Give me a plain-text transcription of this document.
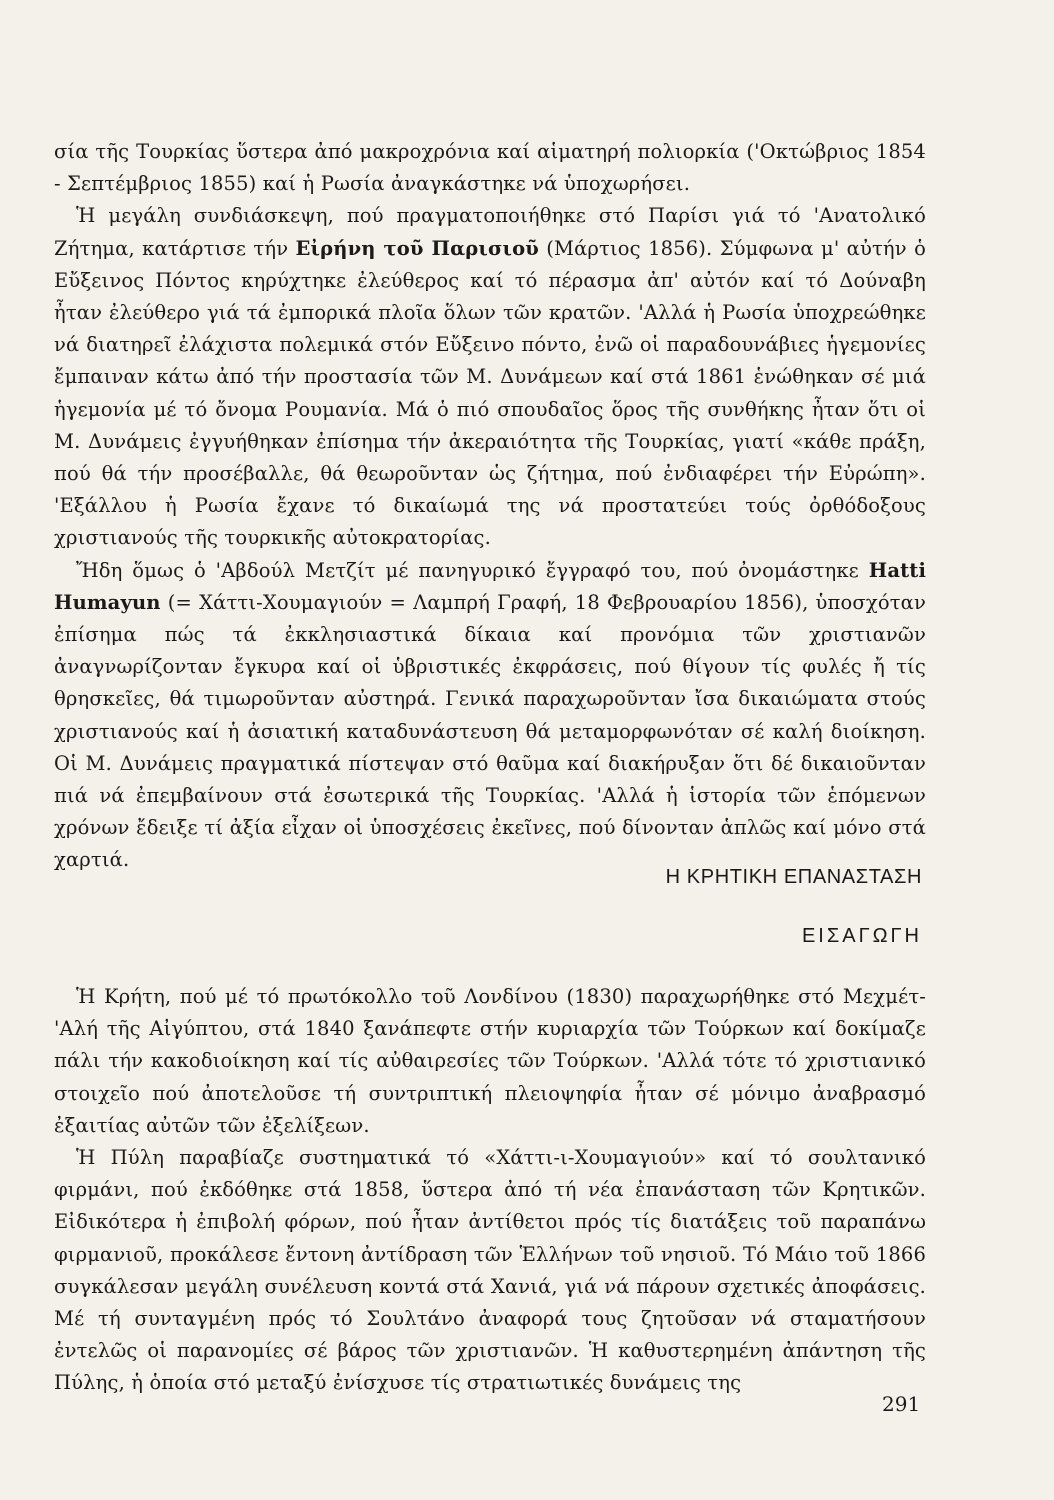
σία τῆς Τουρκίας ὕστερα ἀπό μακροχρόνια καί αἱματηρή πολιορκία ('Οκτώβριος 1854 - Σεπτέμβριος 1855) καί ἡ Ρωσία ἀναγκάστηκε νά ὑποχωρήσει.

Ἡ μεγάλη συνδιάσκεψη, πού πραγματοποιήθηκε στό Παρίσι γιά τό 'Ανατολικό Ζήτημα, κατάρτισε τήν Εἰρήνη τοῦ Παρισιοῦ (Μάρτιος 1856). Σύμφωνα μ' αὐτήν ὁ Εὔξεινος Πόντος κηρύχτηκε ἐλεύθερος καί τό πέρασμα ἀπ' αὐτόν καί τό Δούναβη ἦταν ἐλεύθερο γιά τά ἐμπορικά πλοῖα ὅλων τῶν κρατῶν. 'Αλλά ἡ Ρωσία ὑποχρεώθηκε νά διατηρεῖ ἐλάχιστα πολεμικά στόν Εὔξεινο πόντο, ἐνῶ οἱ παραδουνάβιες ἡγεμονίες ἔμπαιναν κάτω ἀπό τήν προστασία τῶν Μ. Δυνάμεων καί στά 1861 ἑνώθηκαν σέ μιά ἡγεμονία μέ τό ὄνομα Ρουμανία. Μά ὁ πιό σπουδαῖος ὅρος τῆς συνθήκης ἦταν ὅτι οἱ Μ. Δυνάμεις ἐγγυήθηκαν ἐπίσημα τήν ἀκεραιότητα τῆς Τουρκίας, γιατί «κάθε πράξη, πού θά τήν προσέβαλλε, θά θεωροῦνταν ὡς ζήτημα, πού ἐνδιαφέρει τήν Εὐρώπη». 'Εξάλλου ἡ Ρωσία ἔχανε τό δικαίωμά της νά προστατεύει τούς ὀρθόδοξους χριστιανούς τῆς τουρκικῆς αὐτοκρατορίας.

Ἤδη ὅμως ὁ 'Αβδούλ Μετζίτ μέ πανηγυρικό ἔγγραφό του, πού ὀνομάστηκε Hatti Humayun (= Χάττι-Χουμαγιούν = Λαμπρή Γραφή, 18 Φεβρουαρίου 1856), ὑποσχόταν ἐπίσημα πώς τά ἐκκλησιαστικά δίκαια καί προνόμια τῶν χριστιανῶν ἀναγνωρίζονταν ἔγκυρα καί οἱ ὑβριστικές ἐκφράσεις, πού θίγουν τίς φυλές ἤ τίς θρησκεῖες, θά τιμωροῦνταν αὐστηρά. Γενικά παραχωροῦνταν ἴσα δικαιώματα στούς χριστιανούς καί ἡ ἀσιατική καταδυνάστευση θά μεταμορφωνόταν σέ καλή διοίκηση. Οἱ Μ. Δυνάμεις πραγματικά πίστεψαν στό θαῦμα καί διακήρυξαν ὅτι δέ δικαιοῦνταν πιά νά ἐπεμβαίνουν στά ἐσωτερικά τῆς Τουρκίας. 'Αλλά ἡ ἱστορία τῶν ἑπόμενων χρόνων ἔδειξε τί ἀξία εἶχαν οἱ ὑποσχέσεις ἐκεῖνες, πού δίνονταν ἁπλῶς καί μόνο στά χαρτιά.

Η ΚΡΗΤΙΚΗ ΕΠΑΝΑΣΤΑΣΗ
ΕΙΣΑΓΩΓΗ

Ἡ Κρήτη, πού μέ τό πρωτόκολλο τοῦ Λονδίνου (1830) παραχωρήθηκε στό Μεχμέτ-'Αλή τῆς Αἰγύπτου, στά 1840 ξανάπεφτε στήν κυριαρχία τῶν Τούρκων καί δοκίμαζε πάλι τήν κακοδιοίκηση καί τίς αὐθαιρεσίες τῶν Τούρκων. 'Αλλά τότε τό χριστιανικό στοιχεῖο πού ἀποτελοῦσε τή συντριπτική πλειοψηφία ἦταν σέ μόνιμο ἀναβρασμό ἐξαιτίας αὐτῶν τῶν ἐξελίξεων.

Ἡ Πύλη παραβίαζε συστηματικά τό «Χάττι-ι-Χουμαγιούν» καί τό σουλτανικό φιρμάνι, πού ἐκδόθηκε στά 1858, ὕστερα ἀπό τή νέα ἐπανάσταση τῶν Κρητικῶν. Εἰδικότερα ἡ ἐπιβολή φόρων, πού ἦταν ἀντίθετοι πρός τίς διατάξεις τοῦ παραπάνω φιρμανιοῦ, προκάλεσε ἔντονη ἀντίδραση τῶν Ἑλλήνων τοῦ νησιοῦ. Τό Μάιο τοῦ 1866 συγκάλεσαν μεγάλη συνέλευση κοντά στά Χανιά, γιά νά πάρουν σχετικές ἀποφάσεις. Μέ τή συνταγμένη πρός τό Σουλτάνο ἀναφορά τους ζητοῦσαν νά σταματήσουν ἐντελῶς οἱ παρανομίες σέ βάρος τῶν χριστιανῶν. Ἡ καθυστερημένη ἀπάντηση τῆς Πύλης, ἡ ὁποία στό μεταξύ ἐνίσχυσε τίς στρατιωτικές δυνάμεις της

291
